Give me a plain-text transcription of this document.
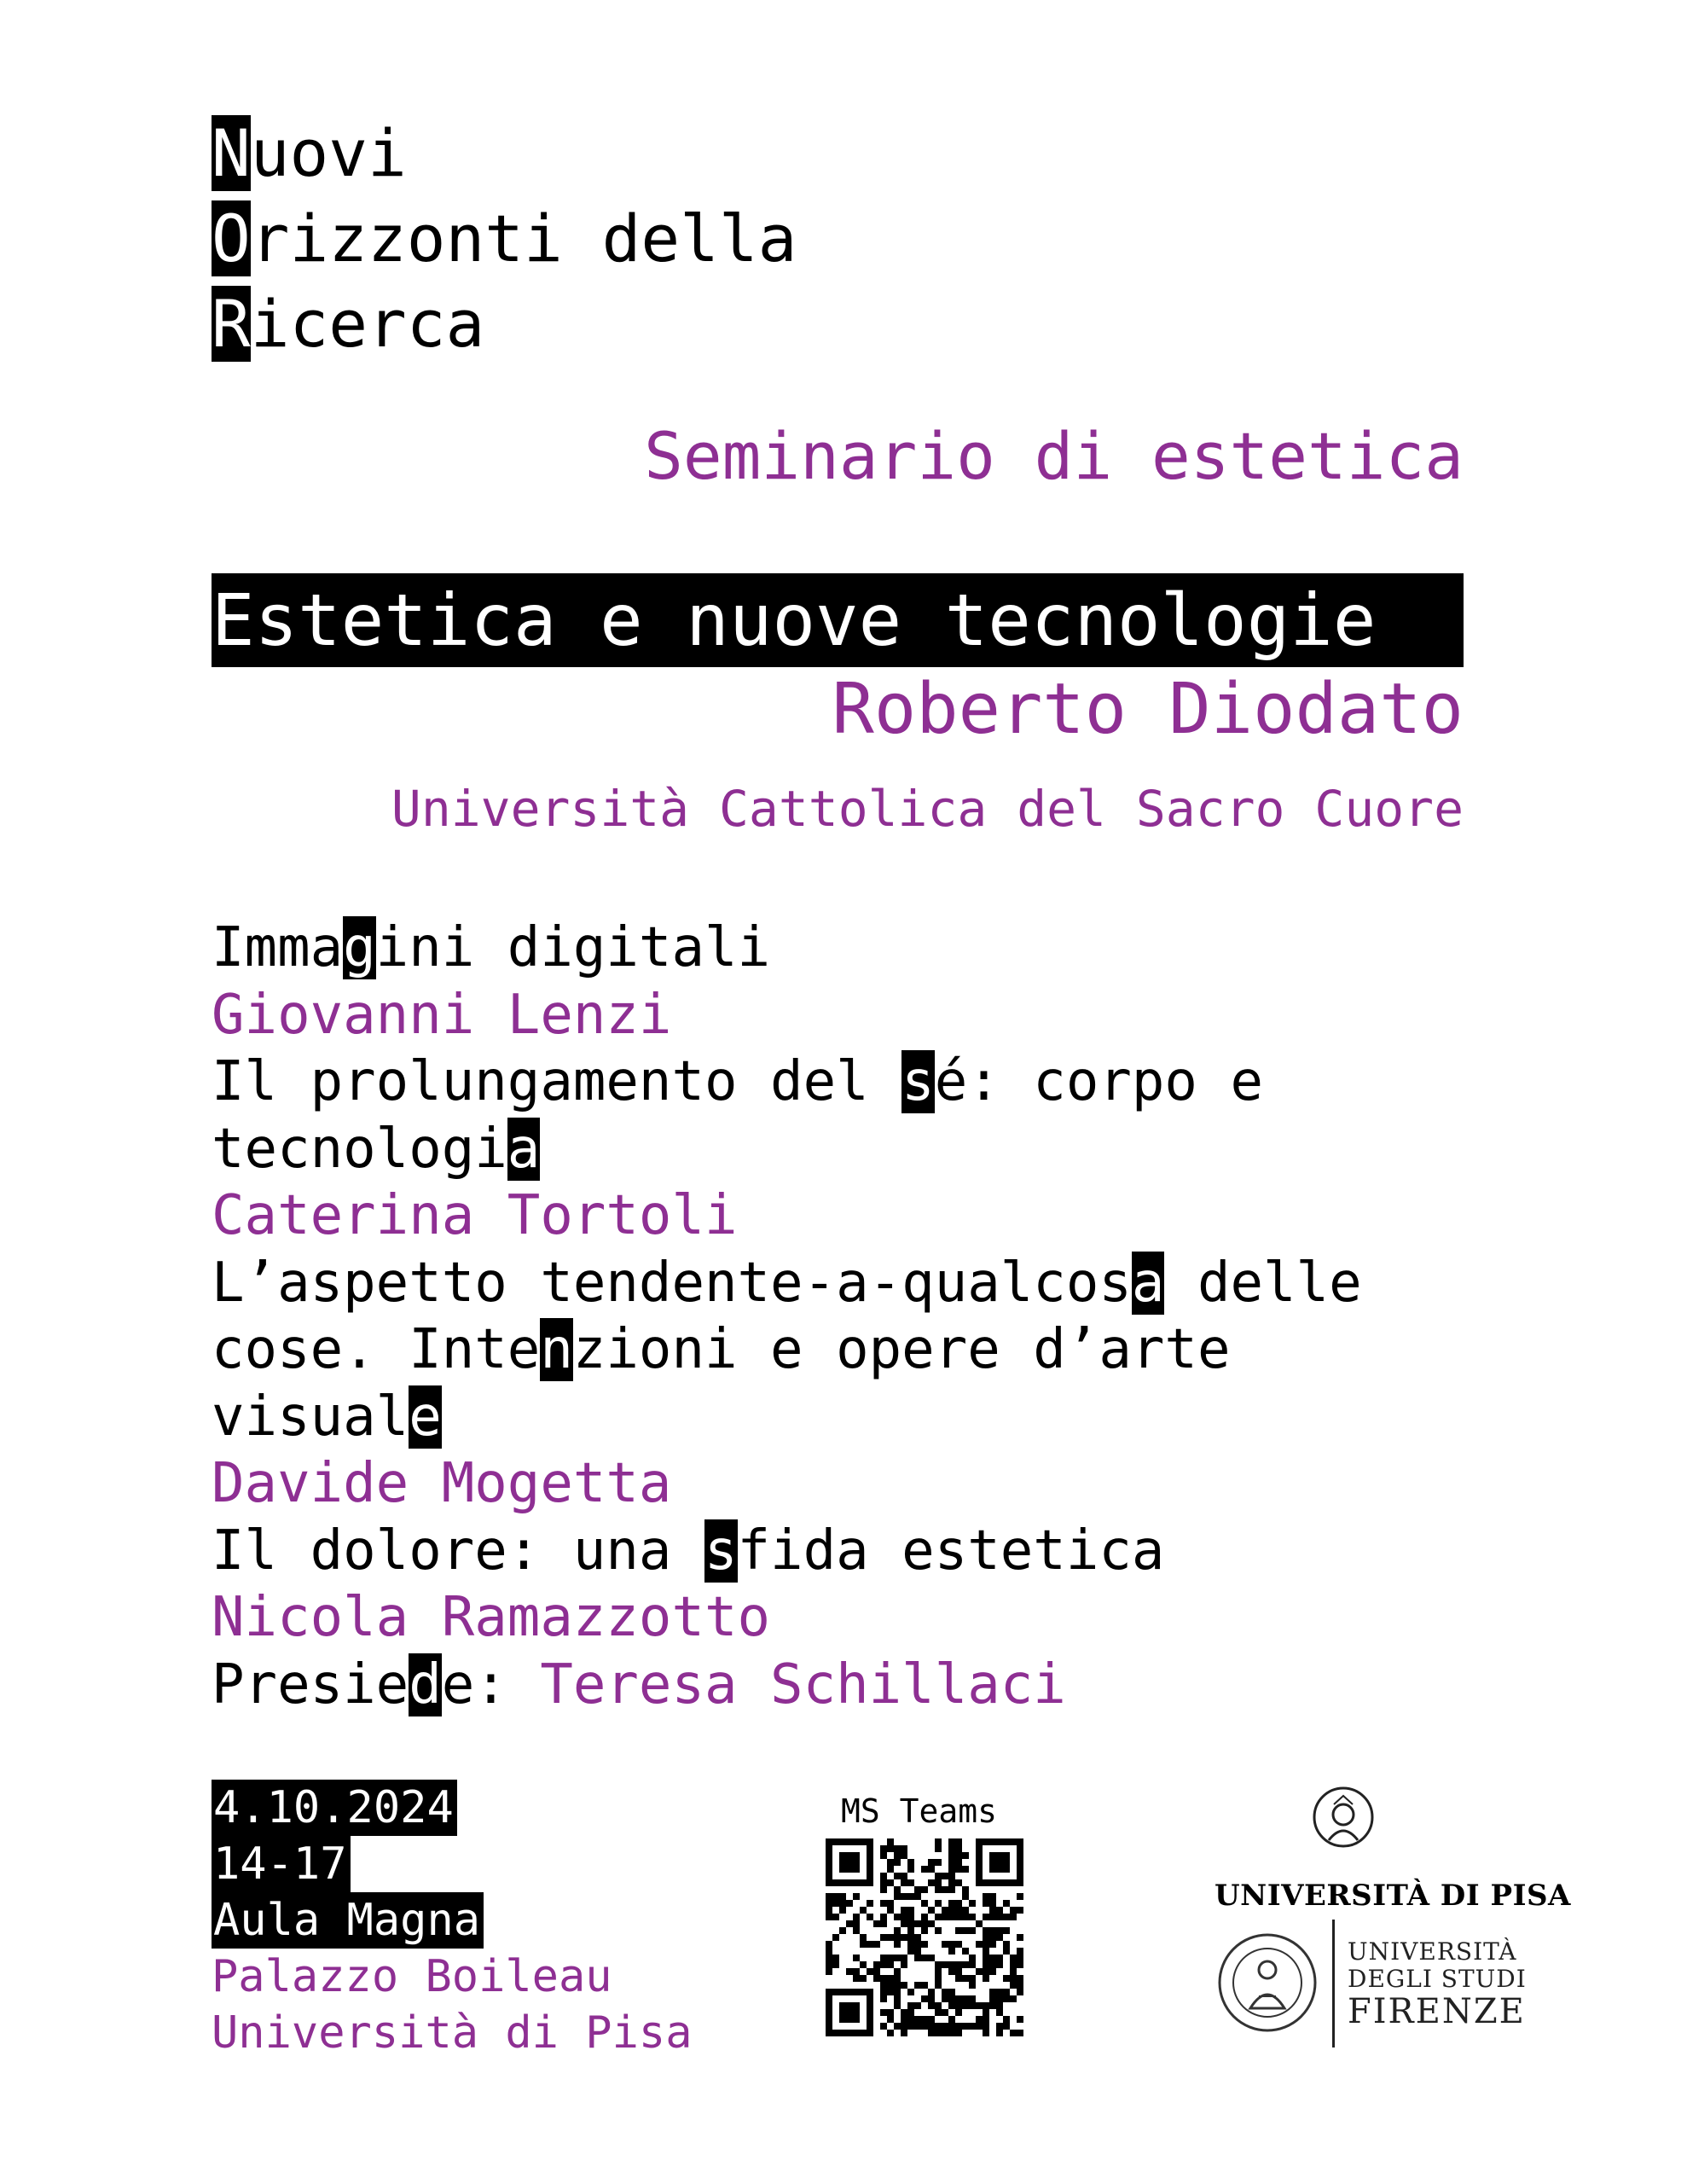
Nuovi
Orizzonti della
Ricerca
Seminario di estetica
Estetica e nuove tecnologie
Roberto Diodato
Università Cattolica del Sacro Cuore
Immagini digitali
Giovanni Lenzi
Il prolungamento del sé: corpo e
tecnologia
Caterina Tortoli
L’aspetto tendente-a-qualcosa delle
cose. Intenzioni e opere d’arte
visuale
Davide Mogetta
Il dolore: una sfida estetica
Nicola Ramazzotto
Presiede: Teresa Schillaci
4.10.2024
14-17
Aula Magna
Palazzo Boileau
Università di Pisa
MS Teams
UNIVERSITÀ DI PISA
UNIVERSITÀ
DEGLI STUDI
FIRENZE
